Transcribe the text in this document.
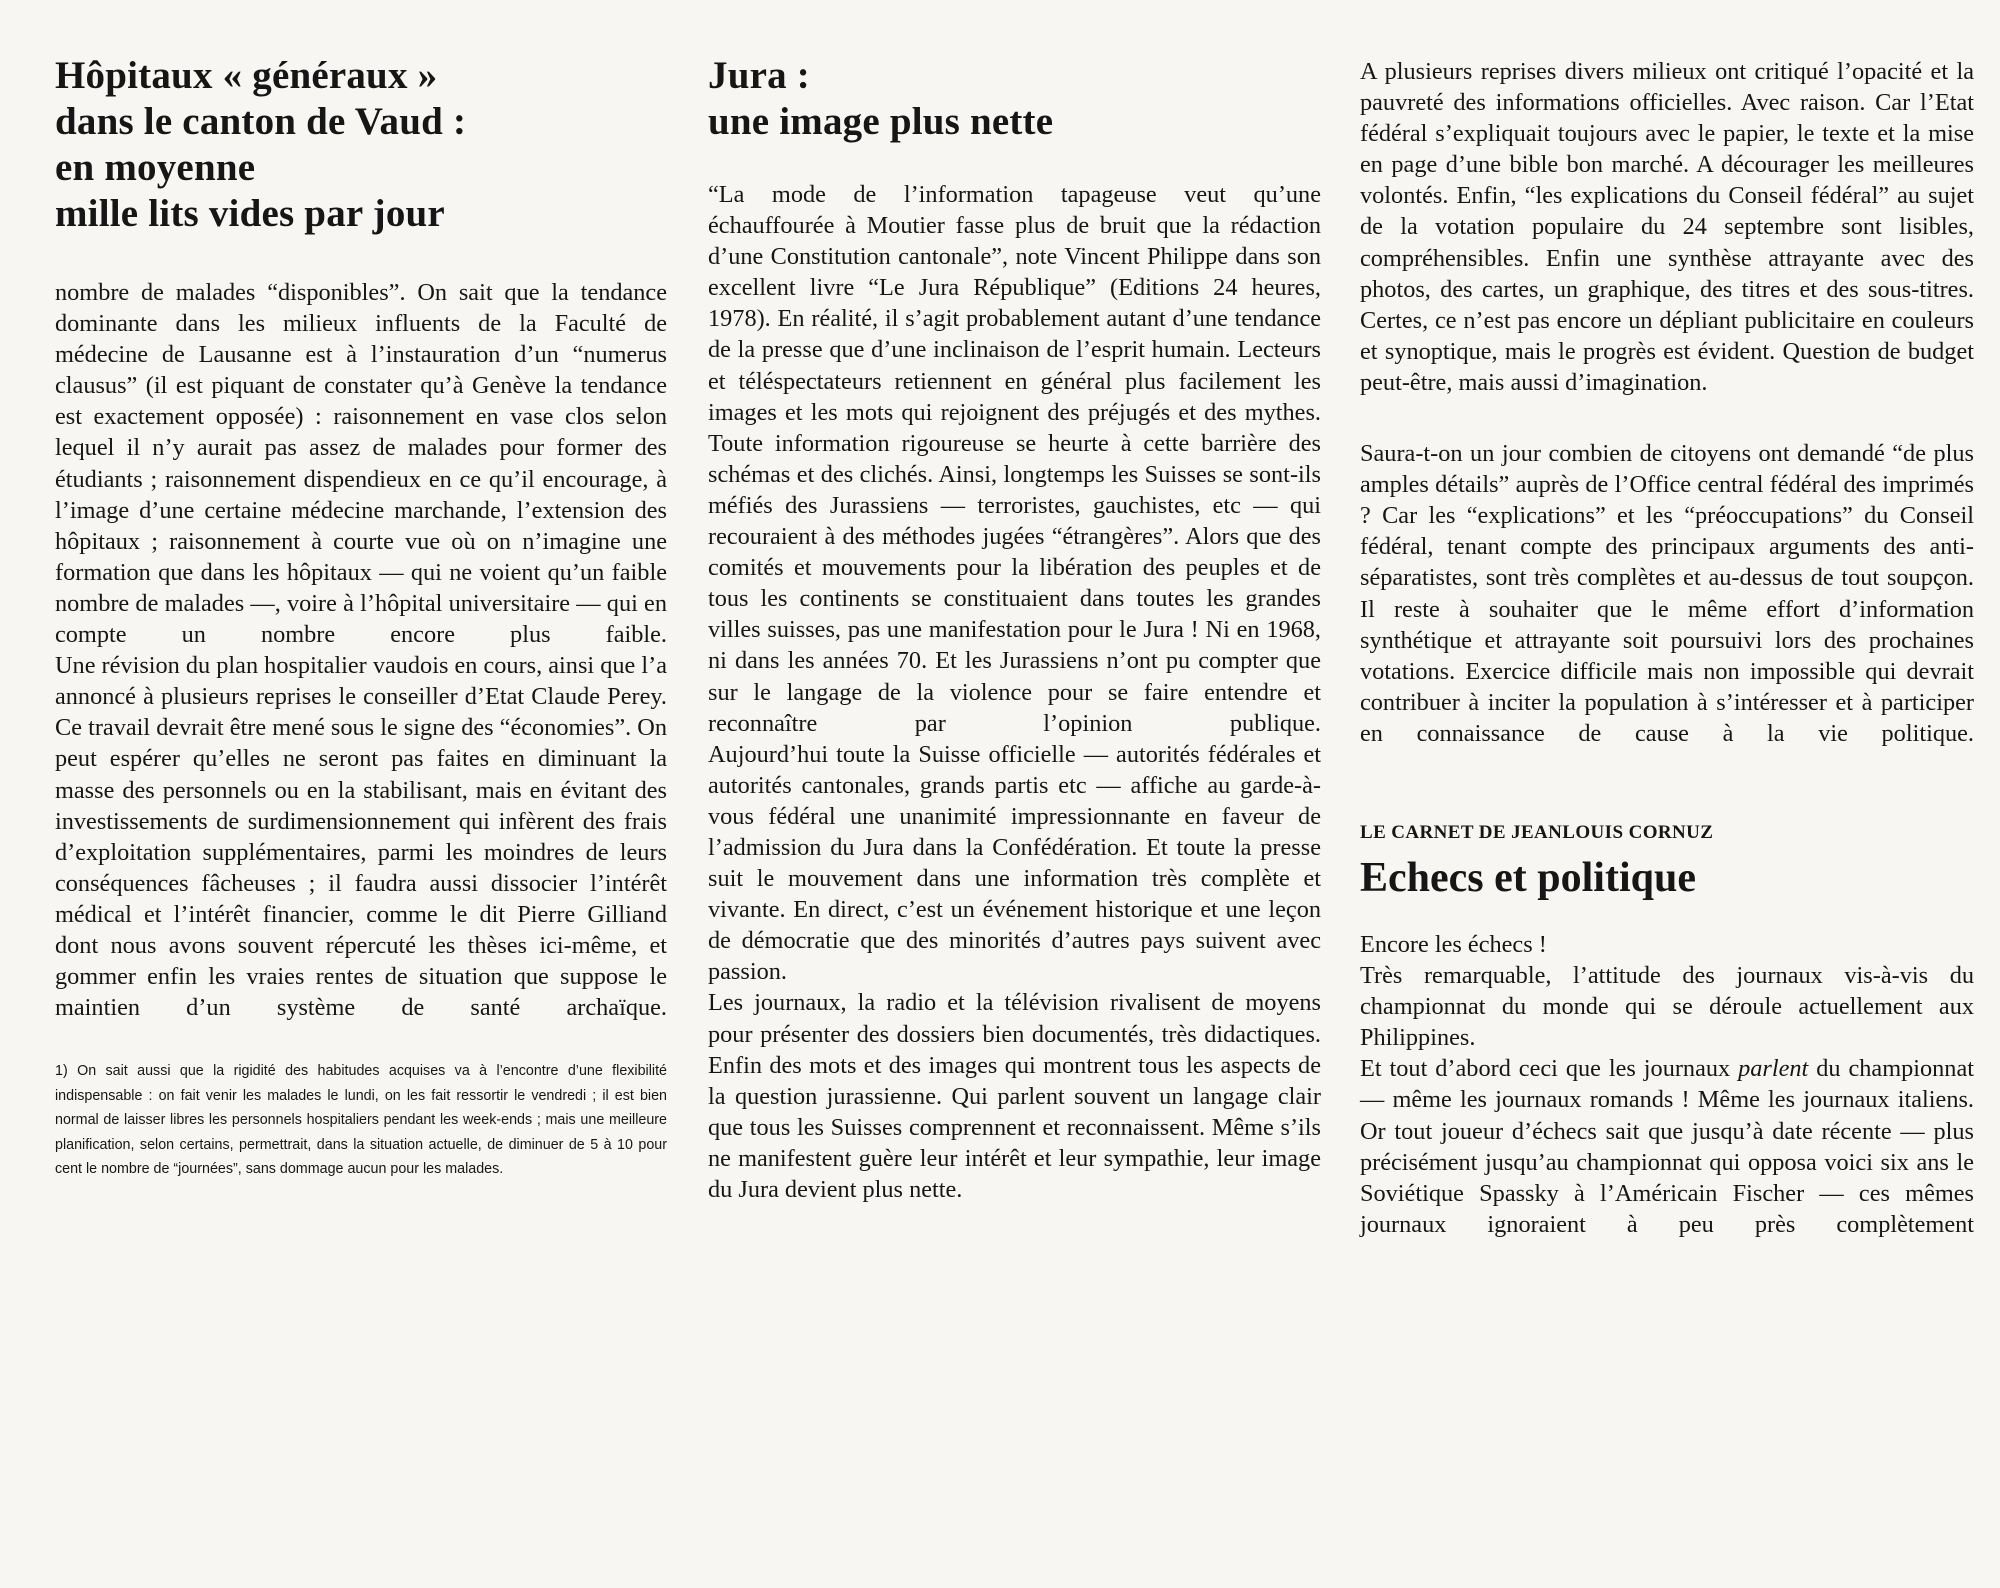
Hôpitaux « généraux »
dans le canton de Vaud :
en moyenne
mille lits vides par jour

nombre de malades “disponibles”. On sait que la tendance dominante dans les milieux influents de la Faculté de médecine de Lausanne est à l’instauration d’un “numerus clausus” (il est piquant de constater qu’à Genève la tendance est exactement opposée) : raisonnement en vase clos selon lequel il n’y aurait pas assez de malades pour former des étudiants ; raisonnement dispendieux en ce qu’il encourage, à l’image d’une certaine médecine marchande, l’extension des hôpitaux ; raisonnement à courte vue où on n’imagine une formation que dans les hôpitaux — qui ne voient qu’un faible nombre de malades —, voire à l’hôpital universitaire — qui en compte un nombre encore plus faible.

Une révision du plan hospitalier vaudois en cours, ainsi que l’a annoncé à plusieurs reprises le conseiller d’Etat Claude Perey. Ce travail devrait être mené sous le signe des “économies”. On peut espérer qu’elles ne seront pas faites en diminuant la masse des personnels ou en la stabilisant, mais en évitant des investissements de surdimensionnement qui infèrent des frais d’exploitation supplémentaires, parmi les moindres de leurs conséquences fâcheuses ; il faudra aussi dissocier l’intérêt médical et l’intérêt financier, comme le dit Pierre Gilliand dont nous avons souvent répercuté les thèses ici-même, et gommer enfin les vraies rentes de situation que suppose le maintien d’un système de santé archaïque.

1) On sait aussi que la rigidité des habitudes acquises va à l’encontre d’une flexibilité indispensable : on fait venir les malades le lundi, on les fait ressortir le vendredi ; il est bien normal de laisser libres les personnels hospitaliers pendant les week-ends ; mais une meilleure planification, selon certains, permettrait, dans la situation actuelle, de diminuer de 5 à 10 pour cent le nombre de “journées”, sans dommage aucun pour les malades.

Jura :
une image plus nette

“La mode de l’information tapageuse veut qu’une échauffourée à Moutier fasse plus de bruit que la rédaction d’une Constitution cantonale”, note Vincent Philippe dans son excellent livre “Le Jura République” (Editions 24 heures, 1978). En réalité, il s’agit probablement autant d’une tendance de la presse que d’une inclinaison de l’esprit humain. Lecteurs et téléspectateurs retiennent en général plus facilement les images et les mots qui rejoignent des préjugés et des mythes.

Toute information rigoureuse se heurte à cette barrière des schémas et des clichés. Ainsi, longtemps les Suisses se sont-ils méfiés des Jurassiens — terroristes, gauchistes, etc — qui recouraient à des méthodes jugées “étrangères”. Alors que des comités et mouvements pour la libération des peuples et de tous les continents se constituaient dans toutes les grandes villes suisses, pas une manifestation pour le Jura ! Ni en 1968, ni dans les années 70. Et les Jurassiens n’ont pu compter que sur le langage de la violence pour se faire entendre et reconnaître par l’opinion publique.

Aujourd’hui toute la Suisse officielle — autorités fédérales et autorités cantonales, grands partis etc — affiche au garde-à-vous fédéral une unanimité impressionnante en faveur de l’admission du Jura dans la Confédération. Et toute la presse suit le mouvement dans une information très complète et vivante. En direct, c’est un événement historique et une leçon de démocratie que des minorités d’autres pays suivent avec passion.

Les journaux, la radio et la télévision rivalisent de moyens pour présenter des dossiers bien documentés, très didactiques. Enfin des mots et des images qui montrent tous les aspects de la question jurassienne. Qui parlent souvent un langage clair que tous les Suisses comprennent et reconnaissent. Même s’ils ne manifestent guère leur intérêt et leur sympathie, leur image du Jura devient plus nette.

A plusieurs reprises divers milieux ont critiqué l’opacité et la pauvreté des informations officielles. Avec raison. Car l’Etat fédéral s’expliquait toujours avec le papier, le texte et la mise en page d’une bible bon marché. A décourager les meilleures volontés. Enfin, “les explications du Conseil fédéral” au sujet de la votation populaire du 24 septembre sont lisibles, compréhensibles. Enfin une synthèse attrayante avec des photos, des cartes, un graphique, des titres et des sous-titres. Certes, ce n’est pas encore un dépliant publicitaire en couleurs et synoptique, mais le progrès est évident. Question de budget peut-être, mais aussi d’imagination.

Saura-t-on un jour combien de citoyens ont demandé “de plus amples détails” auprès de l’Office central fédéral des imprimés ? Car les “explications” et les “préoccupations” du Conseil fédéral, tenant compte des principaux arguments des anti-séparatistes, sont très complètes et au-dessus de tout soupçon. Il reste à souhaiter que le même effort d’information synthétique et attrayante soit poursuivi lors des prochaines votations. Exercice difficile mais non impossible qui devrait contribuer à inciter la population à s’intéresser et à participer en connaissance de cause à la vie politique.

LE CARNET DE JEANLOUIS CORNUZ

Echecs et politique

Encore les échecs !

Très remarquable, l’attitude des journaux vis-à-vis du championnat du monde qui se déroule actuellement aux Philippines.

Et tout d’abord ceci que les journaux parlent du championnat — même les journaux romands ! Même les journaux italiens.

Or tout joueur d’échecs sait que jusqu’à date récente — plus précisément jusqu’au championnat qui opposa voici six ans le Soviétique Spassky à l’Américain Fischer — ces mêmes journaux ignoraient à peu près complètement
